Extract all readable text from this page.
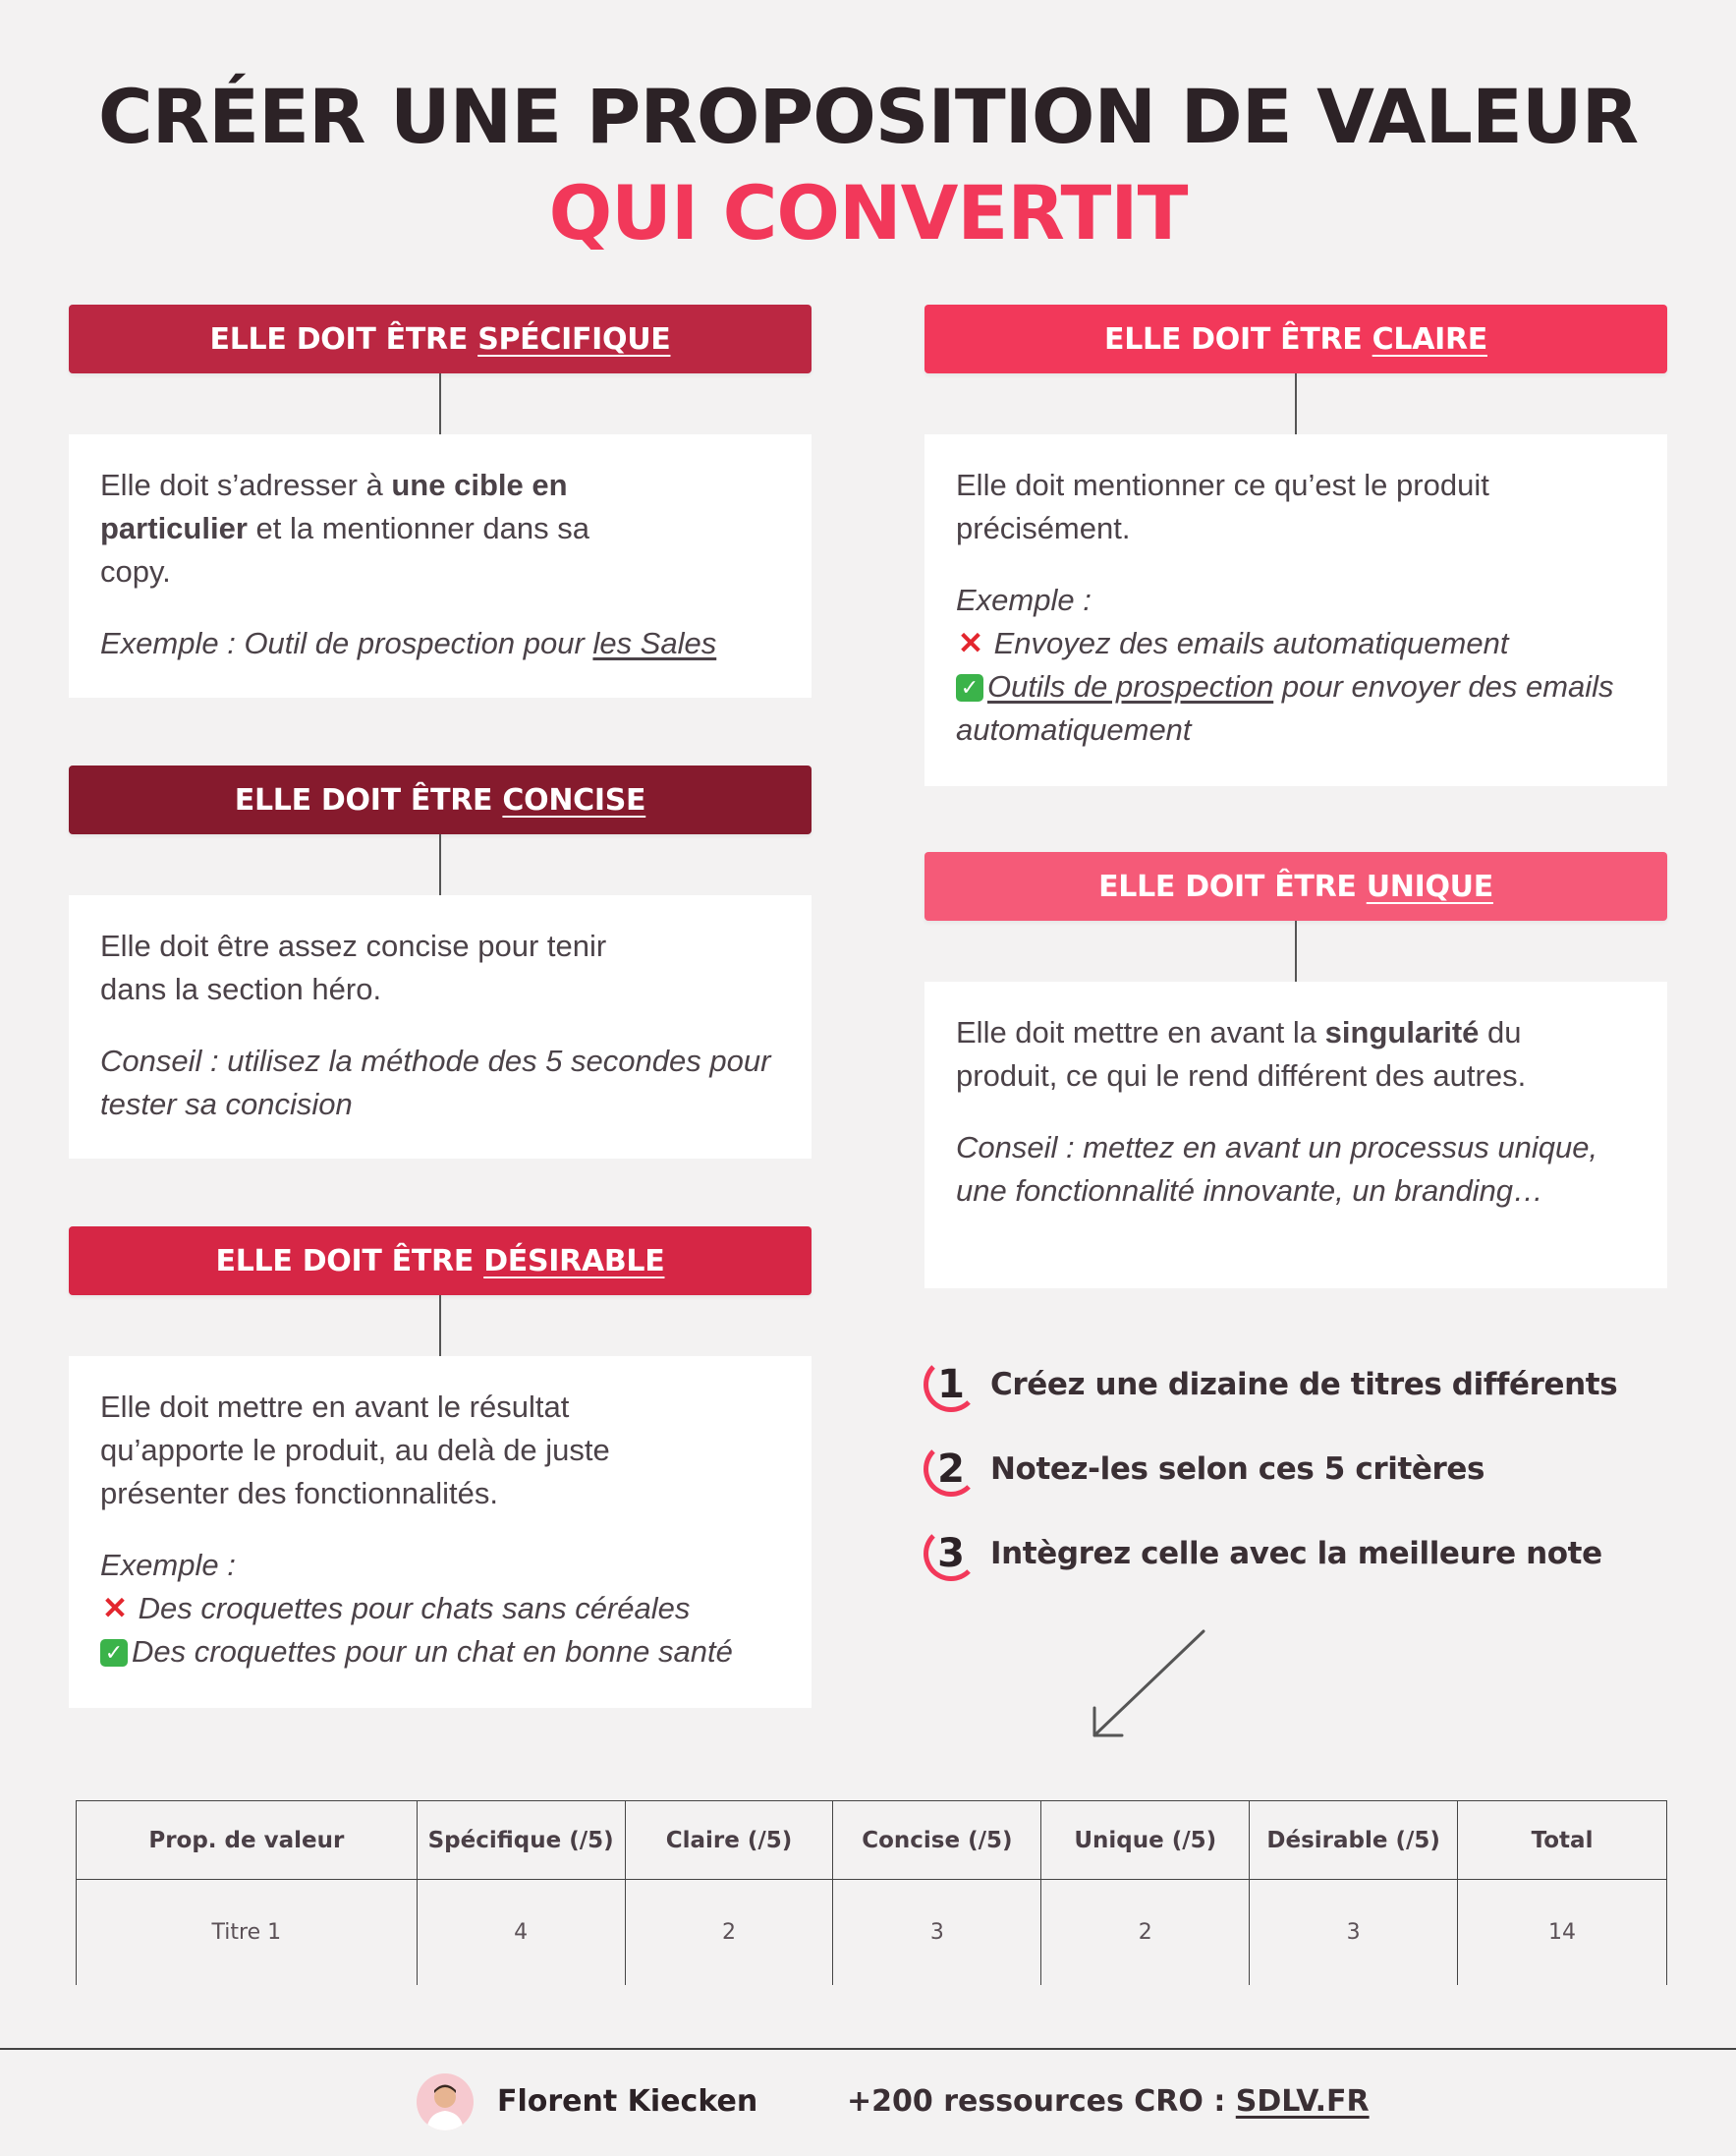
CRÉER UNE PROPOSITION DE VALEUR
QUI CONVERTIT
ELLE DOIT ÊTRE
SPÉCIFIQUE

Elle doit s’adresser à une cible en particulier et la mentionner dans sa copy.

Exemple : Outil de prospection pour les Sales

ELLE DOIT ÊTRE
CONCISE

Elle doit être assez concise pour tenir dans la section héro.

Conseil : utilisez la méthode des 5 secondes pour tester sa concision

ELLE DOIT ÊTRE
DÉSIRABLE

Elle doit mettre en avant le résultat qu’apporte le produit, au delà de juste présenter des fonctionnalités.

Exemple :

✕ Des croquettes pour chats sans céréales

✓ Des croquettes pour un chat en bonne santé

ELLE DOIT ÊTRE
CLAIRE

Elle doit mentionner ce qu’est le produit précisément.

Exemple :

✕ Envoyez des emails automatiquement

✓ Outils de prospection pour envoyer des emails automatiquement

ELLE DOIT ÊTRE
UNIQUE

Elle doit mettre en avant la singularité du produit, ce qui le rend différent des autres.

Conseil : mettez en avant un processus unique, une fonctionnalité innovante, un branding…

1 Créez une dizaine de titres différents
2 Notez-les selon ces 5 critères
3 Intègrez celle avec la meilleure note
Prop. de valeur	Spécifique (/5)	Claire (/5)	Concise (/5)	Unique (/5)	Désirable (/5)	Total
Titre 1	4	2	3	2	3	14
Florent Kiecken	+200 ressources CRO : SDLV.FR
